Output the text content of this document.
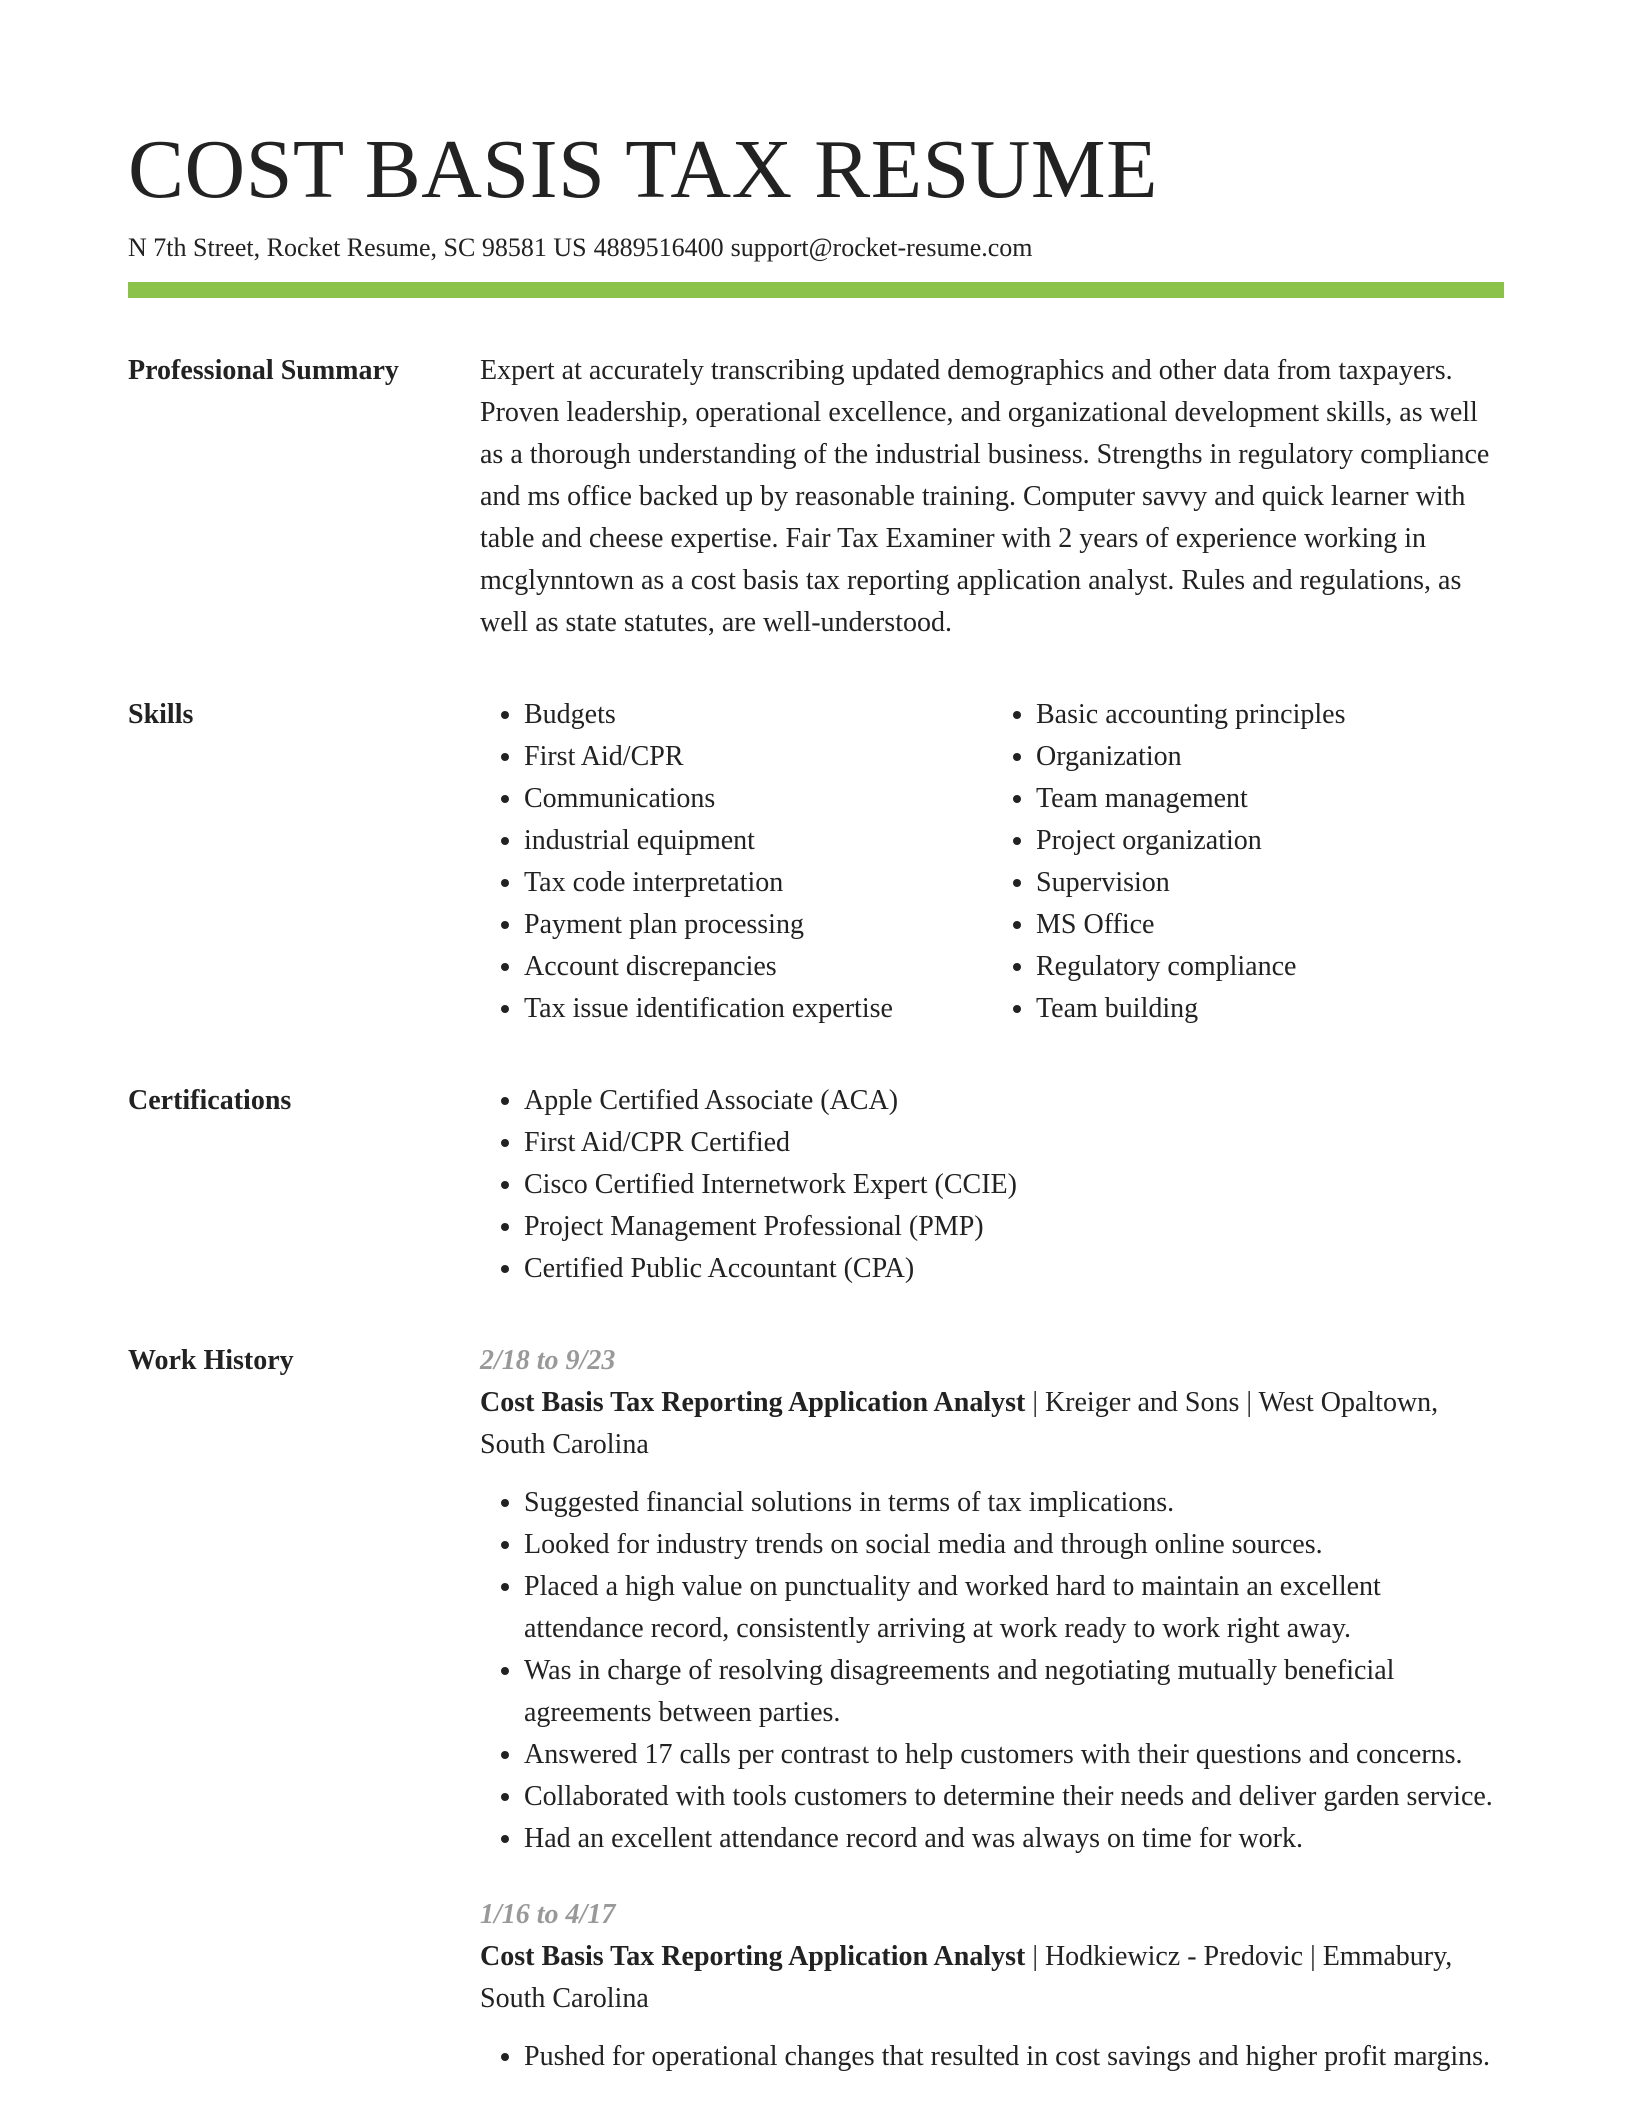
COST BASIS TAX RESUME
N 7th Street, Rocket Resume, SC 98581 US 4889516400 support@rocket-resume.com
Professional Summary	Expert at accurately transcribing updated demographics and other data from taxpayers. Proven leadership, operational excellence, and organizational development skills, as well as a thorough understanding of the industrial business. Strengths in regulatory compliance and ms office backed up by reasonable training. Computer savvy and quick learner with table and cheese expertise. Fair Tax Examiner with 2 years of experience working in mcglynntown as a cost basis tax reporting application analyst. Rules and regulations, as well as state statutes, are well-understood.

Skills	• Budgets
• First Aid/CPR
• Communications
• industrial equipment
• Tax code interpretation
• Payment plan processing
• Account discrepancies
• Tax issue identification expertise
• Basic accounting principles
• Organization
• Team management
• Project organization
• Supervision
• MS Office
• Regulatory compliance
• Team building
Certifications	• Apple Certified Associate (ACA)
• First Aid/CPR Certified
• Cisco Certified Internetwork Expert (CCIE)
• Project Management Professional (PMP)
• Certified Public Accountant (CPA)
Work History	2/18 to 9/23
Cost Basis Tax Reporting Application Analyst | Kreiger and Sons | West Opaltown, South Carolina
• Suggested financial solutions in terms of tax implications.
• Looked for industry trends on social media and through online sources.
• Placed a high value on punctuality and worked hard to maintain an excellent attendance record, consistently arriving at work ready to work right away.
• Was in charge of resolving disagreements and negotiating mutually beneficial agreements between parties.
• Answered 17 calls per contrast to help customers with their questions and concerns.
• Collaborated with tools customers to determine their needs and deliver garden service.
• Had an excellent attendance record and was always on time for work.
1/16 to 4/17
Cost Basis Tax Reporting Application Analyst | Hodkiewicz - Predovic | Emmabury, South Carolina
• Pushed for operational changes that resulted in cost savings and higher profit margins.
